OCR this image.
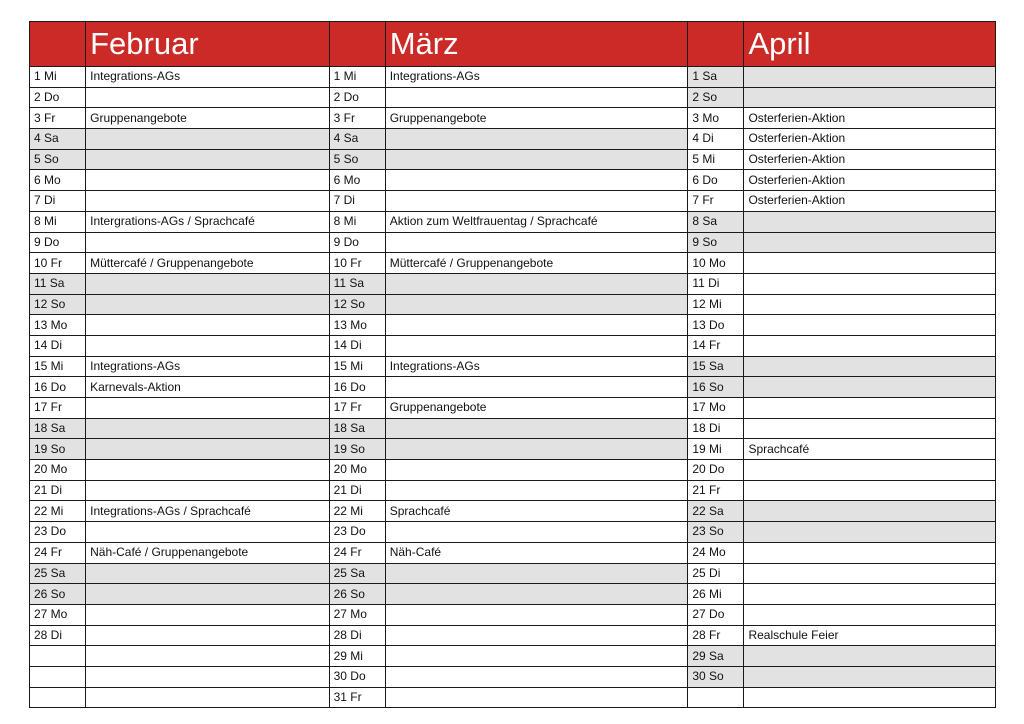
	Februar		März		April
1 Mi	Integrations-AGs	1 Mi	Integrations-AGs	1 Sa	
2 Do		2 Do		2 So	
3 Fr	Gruppenangebote	3 Fr	Gruppenangebote	3 Mo	Osterferien-Aktion
4 Sa		4 Sa		4 Di	Osterferien-Aktion
5 So		5 So		5 Mi	Osterferien-Aktion
6 Mo		6 Mo		6 Do	Osterferien-Aktion
7 Di		7 Di		7 Fr	Osterferien-Aktion
8 Mi	Intergrations-AGs / Sprachcafé	8 Mi	Aktion zum Weltfrauentag / Sprachcafé	8 Sa	
9 Do		9 Do		9 So	
10 Fr	Müttercafé / Gruppenangebote	10 Fr	Müttercafé / Gruppenangebote	10 Mo	
11 Sa		11 Sa		11 Di	
12 So		12 So		12 Mi	
13 Mo		13 Mo		13 Do	
14 Di		14 Di		14 Fr	
15 Mi	Integrations-AGs	15 Mi	Integrations-AGs	15 Sa	
16 Do	Karnevals-Aktion	16 Do		16 So	
17 Fr		17 Fr	Gruppenangebote	17 Mo	
18 Sa		18 Sa		18 Di	
19 So		19 So		19 Mi	Sprachcafé
20 Mo		20 Mo		20 Do	
21 Di		21 Di		21 Fr	
22 Mi	Integrations-AGs / Sprachcafé	22 Mi	Sprachcafé	22 Sa	
23 Do		23 Do		23 So	
24 Fr	Näh-Café / Gruppenangebote	24 Fr	Näh-Café	24 Mo	
25 Sa		25 Sa		25 Di	
26 So		26 So		26 Mi	
27 Mo		27 Mo		27 Do	
28 Di		28 Di		28 Fr	Realschule Feier
		29 Mi		29 Sa	
		30 Do		30 So	
		31 Fr			
